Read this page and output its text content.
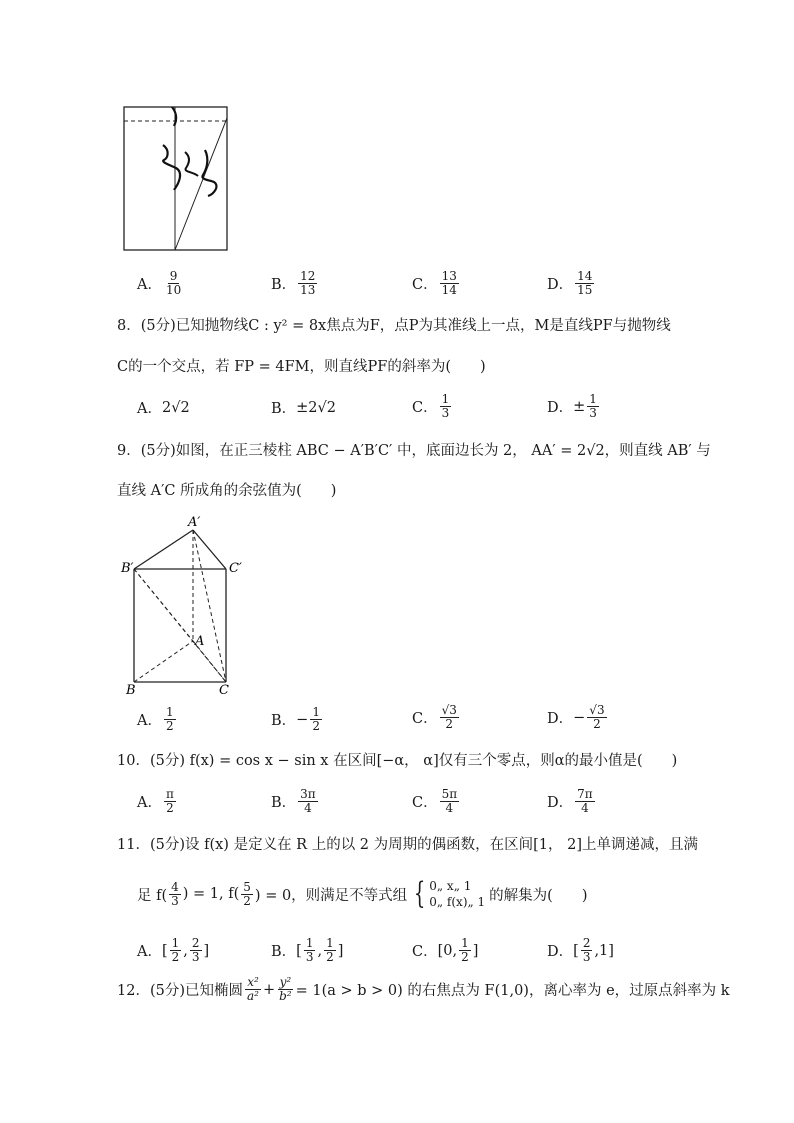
A． $\frac{9}{10}$	B． $\frac{12}{13}$	C． $\frac{13}{14}$	D． $\frac{14}{15}$
8．(5分)已知抛物线C : y² = 8x焦点为F，点P为其准线上一点，M是直线PF与抛物线
C的一个交点，若 FP = 4FM，则直线PF的斜率为(　　)
A． 2√2	B． ±2√2	C． $\frac{1}{3}$	D． ± $\frac{1}{3}$
9．(5分)如图，在正三棱柱 ABC − A′B′C′ 中，底面边长为 2， AA′ = 2√2，则直线 AB′ 与
直线 A′C 所成角的余弦值为(　　)
A′
B′	C′
A
B	C
A． $\frac{1}{2}$	B． − $\frac{1}{2}$	C． $\frac{√3}{2}$	D． − $\frac{√3}{2}$
10．(5分) f(x) = cos x − sin x 在区间[−α， α]仅有三个零点，则α的最小值是(　　)
A． $\frac{\pi}{2}$	B． $\frac{3\pi}{4}$	C． $\frac{5\pi}{4}$	D． $\frac{7\pi}{4}$
11．(5分)设 f(x) 是定义在 R 上的以 2 为周期的偶函数，在区间[1， 2]上单调递减，且满
足 $f( \frac{4}{3}$ ) = 1, $f( \frac{5}{2}$ ) = 0，则满足不等式组 { 0„ x„ 1
0„ f(x)„ 1 的解集为(　　)
A． [ $\frac{1}{2}$ , $\frac{2}{3}$ ]	B． [ $\frac{1}{3}$ , $\frac{1}{2}$ ]	C． [0, $\frac{1}{2}$ ]	D． [ $\frac{2}{3} ,1$]
12．(5分)已知椭圆 $\frac{\text{x²}}{\text{a²}} + \frac{\text{y²}}{\text{b²}} = 1(a > b > 0)$ 的右焦点为 F(1,0)，离心率为 e，过原点斜率为 k
